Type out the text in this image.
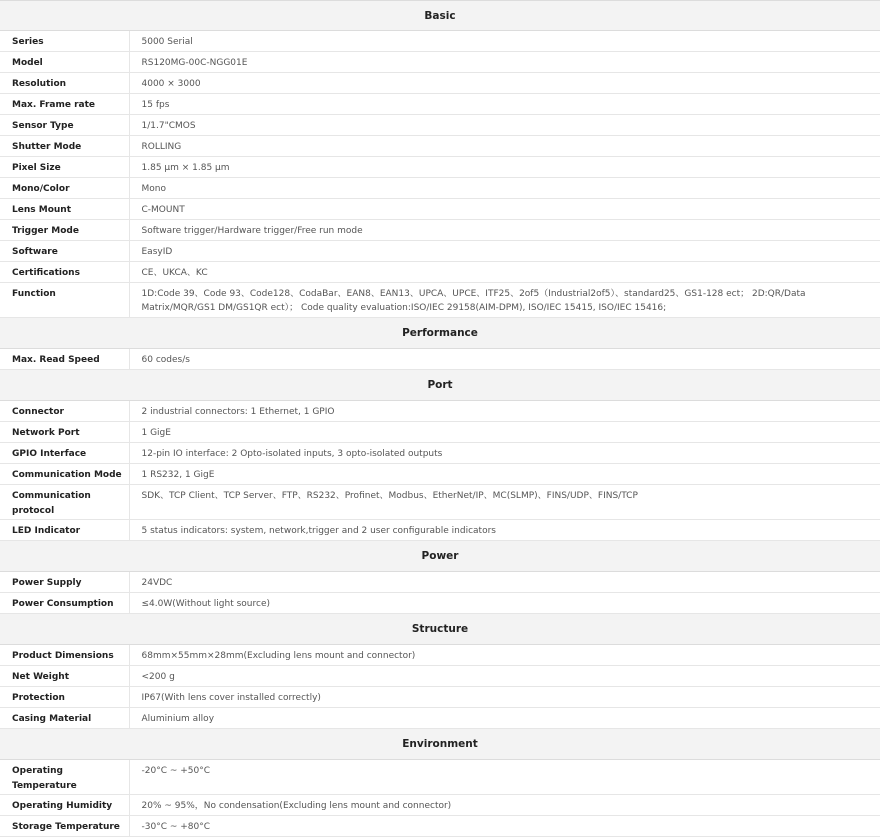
Basic	
Series	5000 Serial
Model	RS120MG-00C-NGG01E
Resolution	4000 × 3000
Max. Frame rate	15 fps
Sensor Type	1/1.7"CMOS
Shutter Mode	ROLLING
Pixel Size	1.85 μm × 1.85 μm
Mono/Color	Mono
Lens Mount	C-MOUNT
Trigger Mode	Software trigger/Hardware trigger/Free run mode
Software	EasyID
Certifications	CE、UKCA、KC
Function	1D:Code 39、Code 93、Code128、CodaBar、EAN8、EAN13、UPCA、UPCE、ITF25、2of5（Industrial2of5）、standard25、GS1-128 ect； 2D:QR/Data Matrix/MQR/GS1 DM/GS1QR ect）； Code quality evaluation:ISO/IEC 29158(AIM-DPM), ISO/IEC 15415, ISO/IEC 15416;
Performance	
Max. Read Speed	60 codes/s
Port	
Connector	2 industrial connectors: 1 Ethernet, 1 GPIO
Network Port	1 GigE
GPIO Interface	12-pin IO interface: 2 Opto-isolated inputs, 3 opto-isolated outputs
Communication Mode	1 RS232, 1 GigE
Communication protocol	SDK、TCP Client、TCP Server、FTP、RS232、Profinet、Modbus、EtherNet/IP、MC(SLMP)、FINS/UDP、FINS/TCP
LED Indicator	5 status indicators: system, network,trigger and 2 user configurable indicators
Power	
Power Supply	24VDC
Power Consumption	≤4.0W(Without light source)
Structure	
Product Dimensions	68mm×55mm×28mm(Excluding lens mount and connector)
Net Weight	<200 g
Protection	IP67(With lens cover installed correctly)
Casing Material	Aluminium alloy
Environment	
Operating Temperature	-20°C ~ +50°C
Operating Humidity	20% ~ 95%，No condensation(Excluding lens mount and connector)
Storage Temperature	-30°C ~ +80°C
